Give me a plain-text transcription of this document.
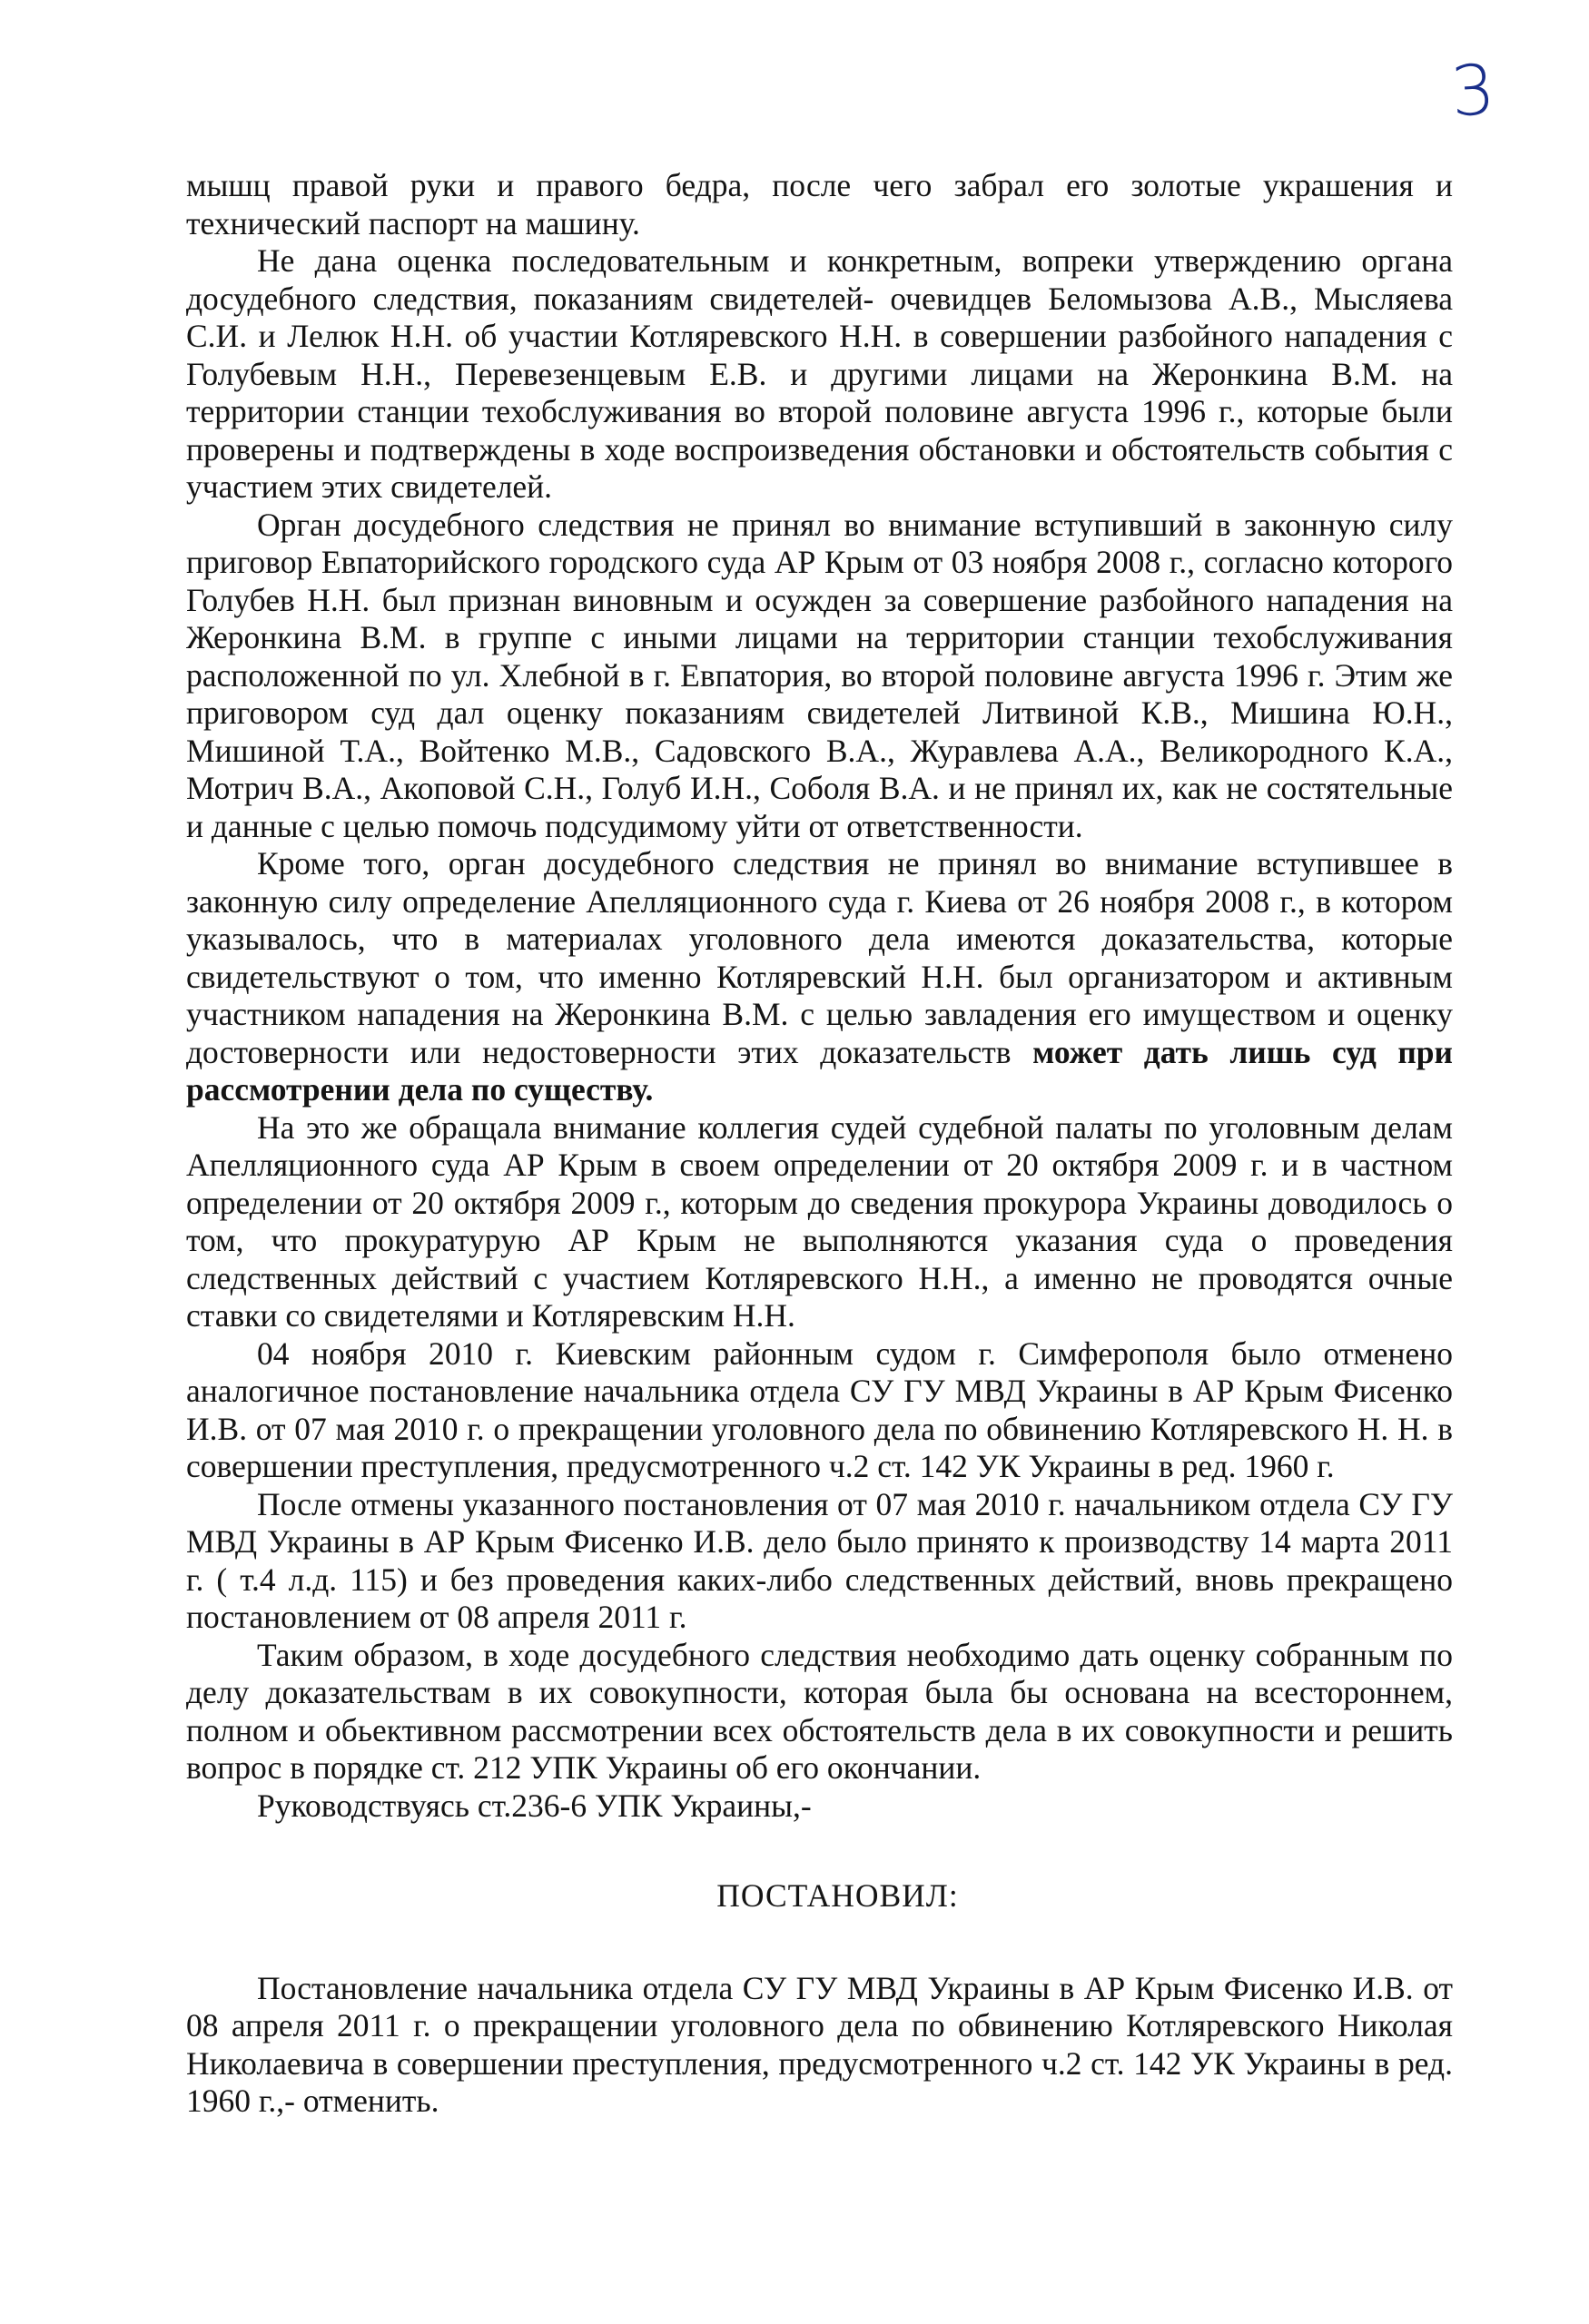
3

мышц правой руки и правого бедра, после чего забрал его золотые украшения и технический паспорт на машину.

Не дана оценка последовательным и конкретным, вопреки утверждению органа досудебного следствия, показаниям свидетелей- очевидцев Беломызова А.В., Мысляева С.И. и Лелюк Н.Н. об участии Котляревского Н.Н. в совершении разбойного нападения с Голубевым Н.Н., Перевезенцевым Е.В. и другими лицами на Жеронкина В.М. на территории станции техобслуживания во второй половине августа 1996 г., которые были проверены и подтверждены в ходе воспроизведения обстановки и обстоятельств события с участием этих свидетелей.

Орган досудебного следствия не принял во внимание вступивший в законную силу приговор Евпаторийского городского суда АР Крым от 03 ноября 2008 г., согласно которого Голубев Н.Н. был признан виновным и осужден за совершение разбойного нападения на Жеронкина В.М. в группе с иными лицами на территории станции техобслуживания расположенной по ул. Хлебной в г. Евпатория, во второй половине августа 1996 г. Этим же приговором суд дал оценку показаниям свидетелей Литвиной К.В., Мишина Ю.Н., Мишиной Т.А., Войтенко М.В., Садовского В.А., Журавлева А.А., Великородного К.А., Мотрич В.А., Акоповой С.Н., Голуб И.Н., Соболя В.А. и не принял их, как не состятельные и данные с целью помочь подсудимому уйти от ответственности.

Кроме того, орган досудебного следствия не принял во внимание вступившее в законную силу определение Апелляционного суда г. Киева от 26 ноября 2008 г., в котором указывалось, что в материалах уголовного дела имеются доказательства, которые свидетельствуют о том, что именно Котляревский Н.Н. был организатором и активным участником нападения на Жеронкина В.М. с целью завладения его имуществом и оценку достоверности или недостоверности этих доказательств может дать лишь суд при рассмотрении дела по существу.

На это же обращала внимание коллегия судей судебной палаты по уголовным делам Апелляционного суда АР Крым в своем определении от 20 октября 2009 г. и в частном определении от 20 октября 2009 г., которым до сведения прокурора Украины доводилось о том, что прокуратурую АР Крым не выполняются указания суда о проведения следственных действий с участием Котляревского Н.Н., а именно не проводятся очные ставки со свидетелями и Котляревским Н.Н.

04 ноября 2010 г. Киевским районным судом г. Симферополя было отменено аналогичное постановление начальника отдела СУ ГУ МВД Украины в АР Крым Фисенко И.В. от 07 мая 2010 г. о прекращении уголовного дела по обвинению Котляревского Н. Н. в совершении преступления, предусмотренного ч.2 ст. 142 УК Украины в ред. 1960 г.

После отмены указанного постановления от 07 мая 2010 г. начальником отдела СУ ГУ МВД Украины в АР Крым Фисенко И.В. дело было принято к производству 14 марта 2011 г. ( т.4 л.д. 115) и без проведения каких-либо следственных действий, вновь прекращено постановлением от 08 апреля 2011 г.

Таким образом, в ходе досудебного следствия необходимо дать оценку собранным по делу доказательствам в их совокупности, которая была бы основана на всестороннем, полном и обьективном рассмотрении всех обстоятельств дела в их совокупности и решить вопрос в порядке ст. 212 УПК Украины об его окончании.

Руководствуясь ст.236-6 УПК Украины,-

ПОСТАНОВИЛ:

Постановление начальника отдела СУ ГУ МВД Украины в АР Крым Фисенко И.В. от 08 апреля 2011 г. о прекращении уголовного дела по обвинению Котляревского Николая Николаевича в совершении преступления, предусмотренного ч.2 ст. 142 УК Украины в ред. 1960 г.,- отменить.
